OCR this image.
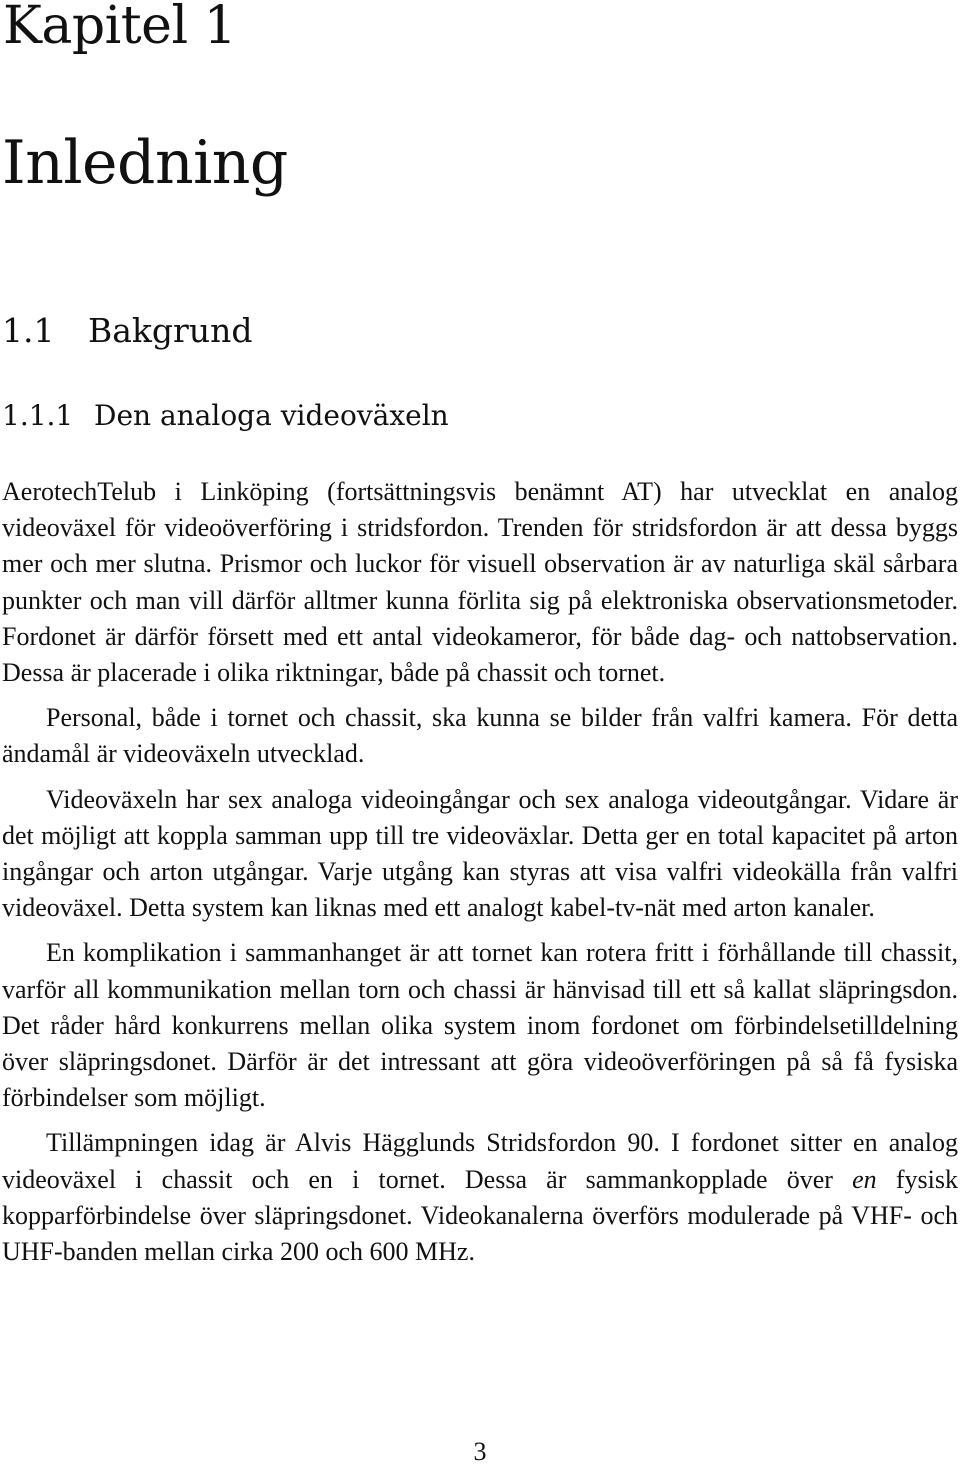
Kapitel 1
Inledning
1.1 Bakgrund
1.1.1 Den analoga videoväxeln

AerotechTelub i Linköping (fortsättningsvis benämnt AT) har utvecklat en analog videoväxel för videoöverföring i stridsfordon. Trenden för stridsfordon är att dessa byggs mer och mer slutna. Prismor och luckor för visuell observation är av naturliga skäl sårbara punkter och man vill därför alltmer kunna förlita sig på elektroniska observationsmetoder. Fordonet är därför försett med ett antal videokameror, för både dag- och nattobservation. Dessa är placerade i olika riktningar, både på chassit och tornet.

Personal, både i tornet och chassit, ska kunna se bilder från valfri kamera. För detta ändamål är videoväxeln utvecklad.

Videoväxeln har sex analoga videoingångar och sex analoga videoutgångar. Vidare är det möjligt att koppla samman upp till tre videoväxlar. Detta ger en total kapacitet på arton ingångar och arton utgångar. Varje utgång kan styras att visa valfri videokälla från valfri videoväxel. Detta system kan liknas med ett analogt kabel-tv-nät med arton kanaler.

En komplikation i sammanhanget är att tornet kan rotera fritt i förhållande till chassit, varför all kommunikation mellan torn och chassi är hänvisad till ett så kallat släpringsdon. Det råder hård konkurrens mellan olika system inom fordonet om förbindelsetilldelning över släpringsdonet. Därför är det intressant att göra videoöverföringen på så få fysiska förbindelser som möjligt.

Tillämpningen idag är Alvis Hägglunds Stridsfordon 90. I fordonet sitter en analog videoväxel i chassit och en i tornet. Dessa är sammankopplade över en fysisk kopparförbindelse över släpringsdonet. Videokanalerna överförs modulerade på VHF- och UHF-banden mellan cirka 200 och 600 MHz.

3
